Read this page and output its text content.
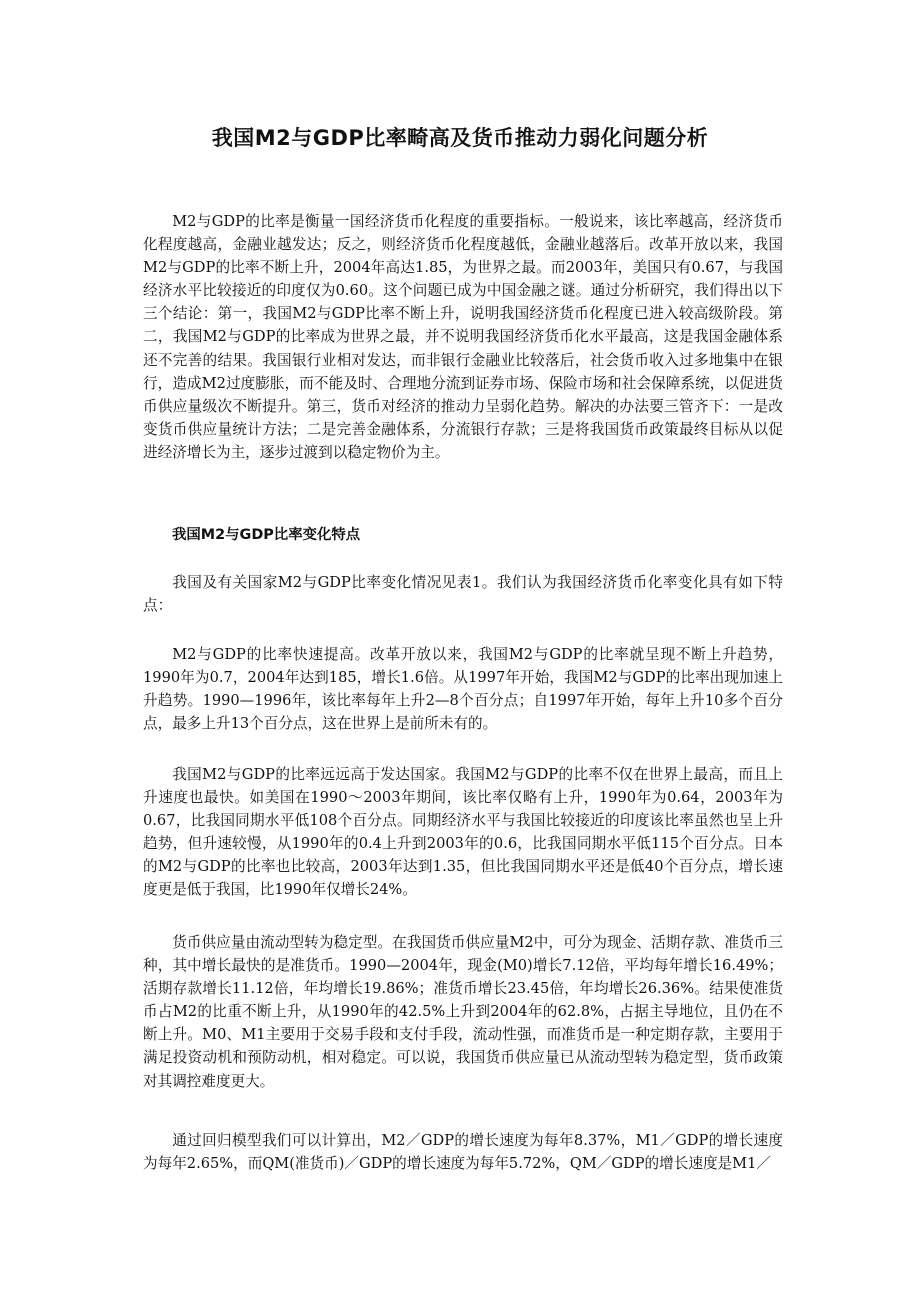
我国M2与GDP比率畸高及货币推动力弱化问题分析

M2与GDP的比率是衡量一国经济货币化程度的重要指标。一般说来，该比率越高，经济货币化程度越高，金融业越发达；反之，则经济货币化程度越低，金融业越落后。改革开放以来，我国M2与GDP的比率不断上升，2004年高达1.85，为世界之最。而2003年，美国只有0.67，与我国经济水平比较接近的印度仅为0.60。这个问题已成为中国金融之谜。通过分析研究，我们得出以下三个结论：第一，我国M2与GDP比率不断上升，说明我国经济货币化程度已进入较高级阶段。第二，我国M2与GDP的比率成为世界之最，并不说明我国经济货币化水平最高，这是我国金融体系还不完善的结果。我国银行业相对发达，而非银行金融业比较落后，社会货币收入过多地集中在银行，造成M2过度膨胀，而不能及时、合理地分流到证券市场、保险市场和社会保障系统，以促进货币供应量级次不断提升。第三，货币对经济的推动力呈弱化趋势。解决的办法要三管齐下：一是改变货币供应量统计方法；二是完善金融体系，分流银行存款；三是将我国货币政策最终目标从以促进经济增长为主，逐步过渡到以稳定物价为主。

我国M2与GDP比率变化特点

我国及有关国家M2与GDP比率变化情况见表1。我们认为我国经济货币化率变化具有如下特点：

M2与GDP的比率快速提高。改革开放以来，我国M2与GDP的比率就呈现不断上升趋势，1990年为0.7，2004年达到185，增长1.6倍。从1997年开始，我国M2与GDP的比率出现加速上升趋势。1990—1996年，该比率每年上升2—8个百分点；自1997年开始，每年上升10多个百分点，最多上升13个百分点，这在世界上是前所未有的。

我国M2与GDP的比率远远高于发达国家。我国M2与GDP的比率不仅在世界上最高，而且上升速度也最快。如美国在1990～2003年期间，该比率仅略有上升，1990年为0.64，2003年为0.67，比我国同期水平低108个百分点。同期经济水平与我国比较接近的印度该比率虽然也呈上升趋势，但升速较慢，从1990年的0.4上升到2003年的0.6，比我国同期水平低115个百分点。日本的M2与GDP的比率也比较高，2003年达到1.35，但比我国同期水平还是低40个百分点，增长速度更是低于我国，比1990年仅增长24%。

货币供应量由流动型转为稳定型。在我国货币供应量M2中，可分为现金、活期存款、准货币三种，其中增长最快的是准货币。1990—2004年，现金(M0)增长7.12倍，平均每年增长16.49%；活期存款增长11.12倍，年均增长19.86%；准货币增长23.45倍，年均增长26.36%。结果使准货币占M2的比重不断上升，从1990年的42.5%上升到2004年的62.8%，占据主导地位，且仍在不断上升。M0、M1主要用于交易手段和支付手段，流动性强，而准货币是一种定期存款，主要用于满足投资动机和预防动机，相对稳定。可以说，我国货币供应量已从流动型转为稳定型，货币政策对其调控难度更大。

通过回归模型我们可以计算出，M2／GDP的增长速度为每年8.37%，M1／GDP的增长速度为每年2.65%，而QM(准货币)／GDP的增长速度为每年5.72%，QM／GDP的增长速度是M1／
